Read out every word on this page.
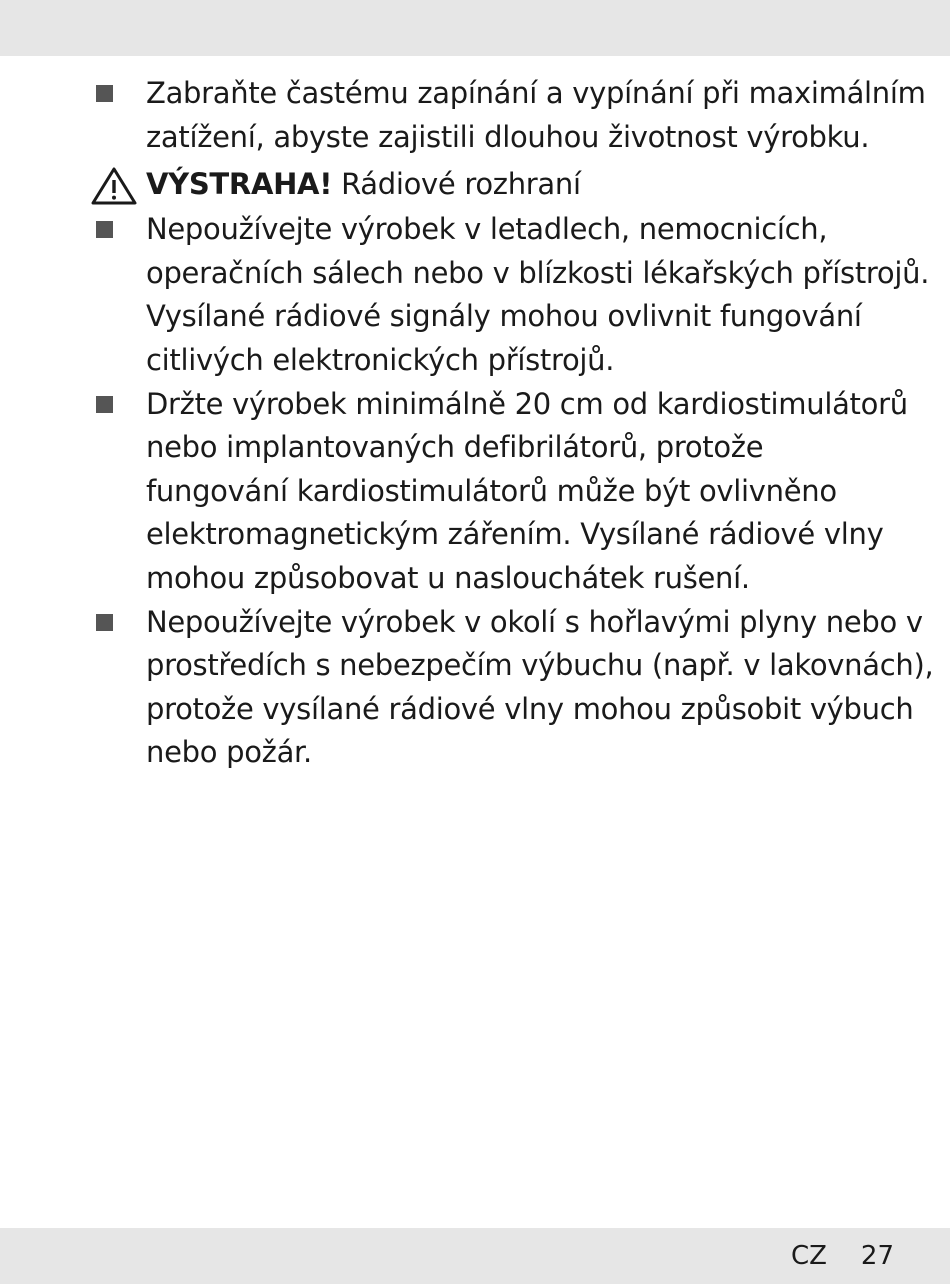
Zabraňte častému zapínání a vypínání při maximálním
zatížení, abyste zajistili dlouhou životnost výrobku.
VÝSTRAHA! Rádiové rozhraní
Nepoužívejte výrobek v letadlech, nemocnicích,
operačních sálech nebo v blízkosti lékařských přístrojů.
Vysílané rádiové signály mohou ovlivnit fungování
citlivých elektronických přístrojů.
Držte výrobek minimálně 20 cm od kardiostimulátorů
nebo implantovaných defibrilátorů, protože
fungování kardiostimulátorů může být ovlivněno
elektromagnetickým zářením. Vysílané rádiové vlny
mohou způsobovat u naslouchátek rušení.
Nepoužívejte výrobek v okolí s hořlavými plyny nebo v
prostředích s nebezpečím výbuchu (např. v lakovnách),
protože vysílané rádiové vlny mohou způsobit výbuch
nebo požár.
CZ 27
